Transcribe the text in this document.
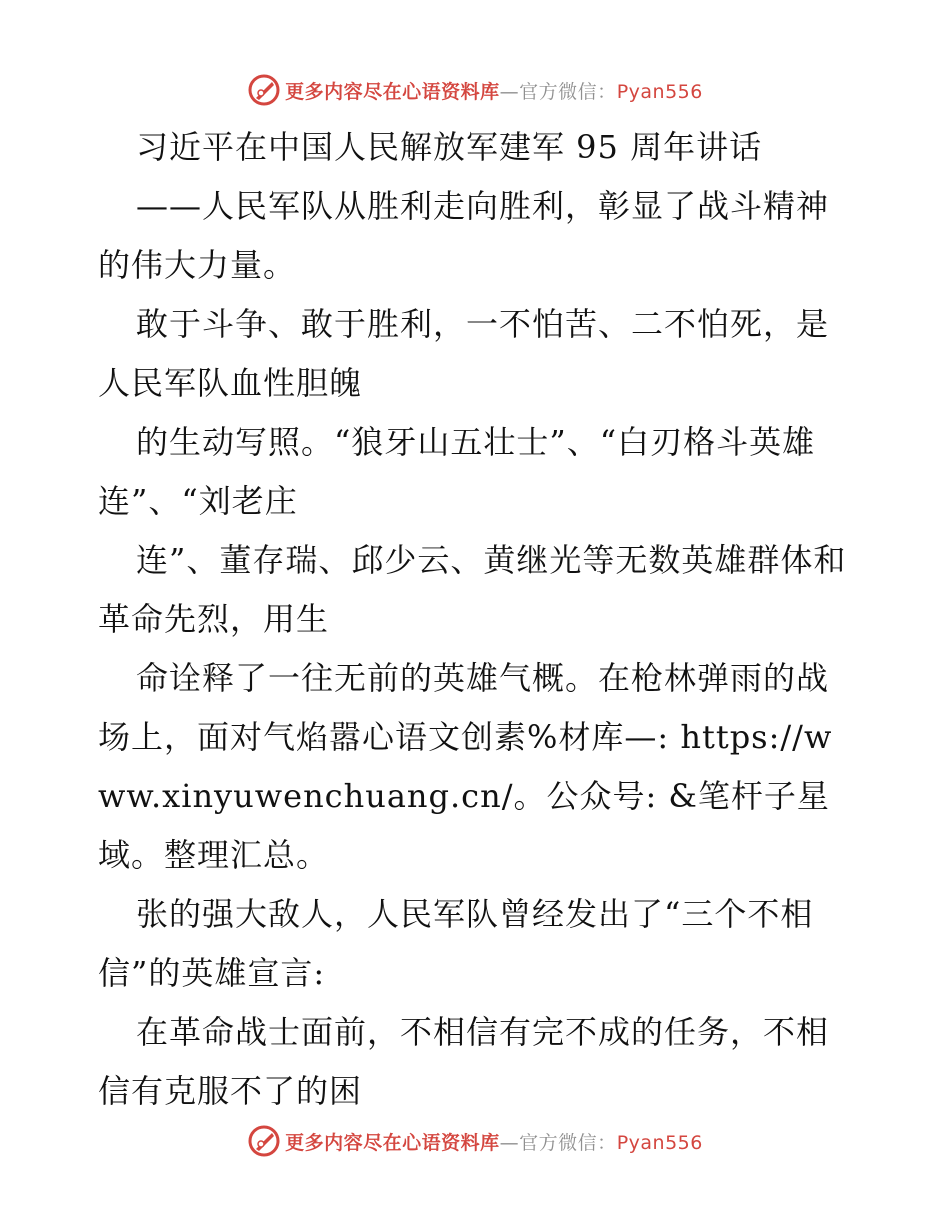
更多内容尽在心语资料库—官方微信：Pyan556

习近平在中国人民解放军建军 95 周年讲话

——人民军队从胜利走向胜利，彰显了战斗精神的伟大力量。

敢于斗争、敢于胜利，一不怕苦、二不怕死，是人民军队血性胆魄

的生动写照。“狼牙山五壮士”、“白刃格斗英雄连”、“刘老庄

连”、董存瑞、邱少云、黄继光等无数英雄群体和革命先烈，用生

命诠释了一往无前的英雄气概。在枪林弹雨的战场上，面对气焰嚣心语文创素%材库—: https://www.xinyuwenchuang.cn/。公众号: &笔杆子星域。整理汇总。

张的强大敌人，人民军队曾经发出了“三个不相信”的英雄宣言:

在革命战士面前，不相信有完不成的任务，不相信有克服不了的困

更多内容尽在心语资料库—官方微信：Pyan556
